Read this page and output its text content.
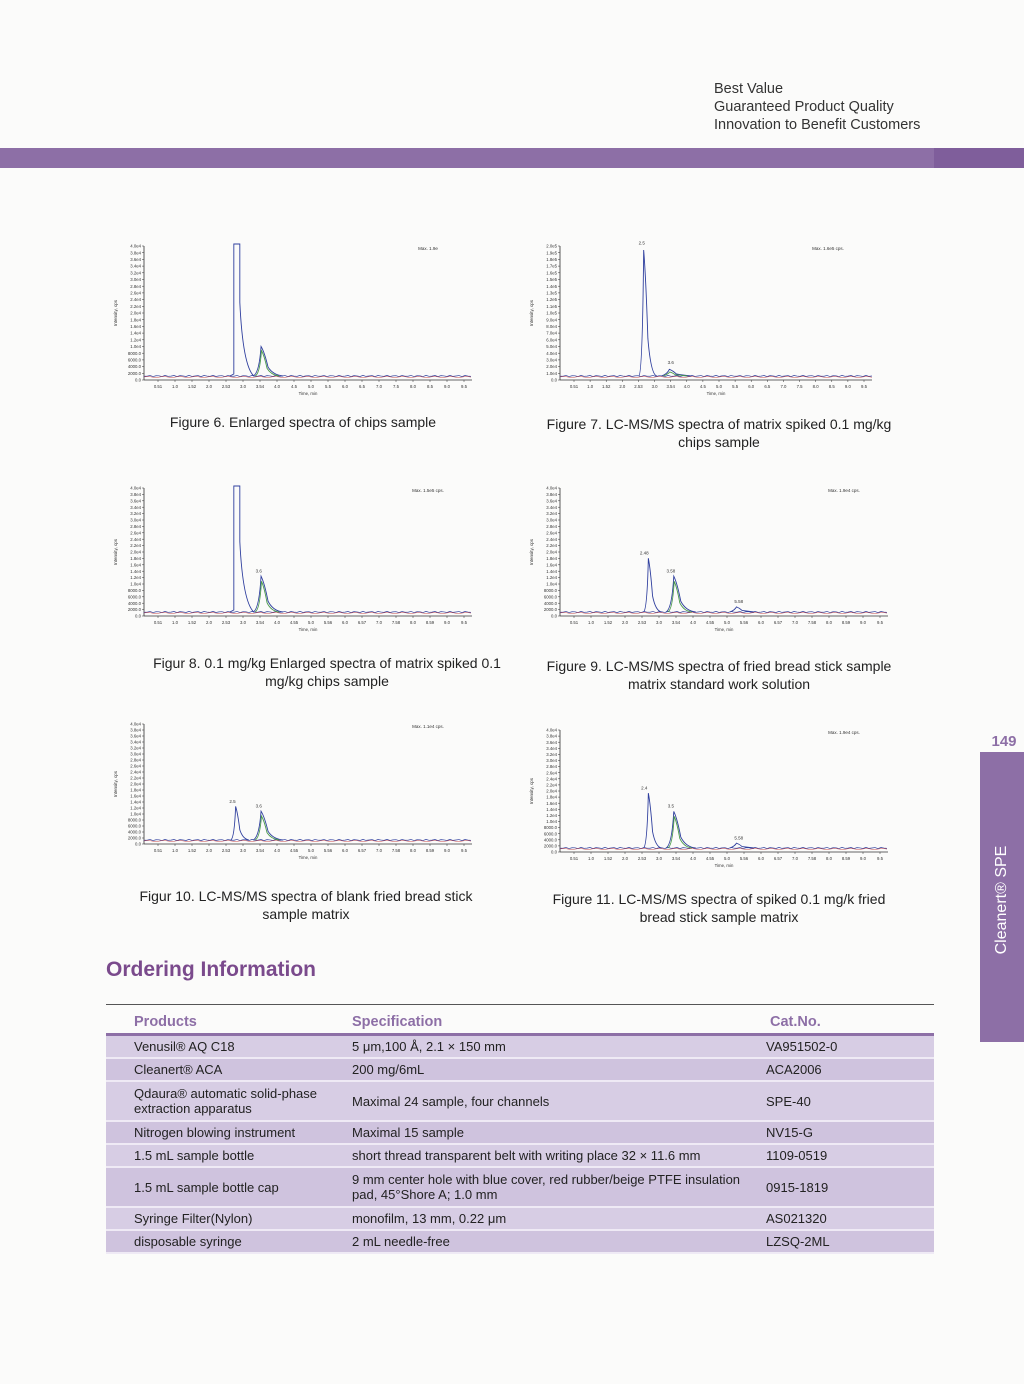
Best Value
Guaranteed Product Quality
Innovation to Benefit Customers
Max. 1.9e
4.0e4
3.8e4
3.6e4
3.4e4
3.2e4
3.0e4
2.8e4
2.6e4
2.4e4
2.2e4
2.0e4
1.8e4
1.6e4
1.4e4
1.2e4
1.0e4
8000.0
6000.0
4000.0
2000.0
0.0
Intensity, cps
0.51 1.0 1.52 2.0 2.53 3.0 3.54 4.0	4.5	5.0	5.5	6.0	6.5	7.0	7.5	8.0	8.5	9.0	9.5
Time, min
Figure 6. Enlarged spectra of chips sample
Max. 1.6e5 cps.
2.0e5
1.9e5
1.8e5
1.7e5
1.6e5
1.5e5
1.4e5
1.3e5
1.2e5
1.1e5
1.0e5
9.0e4
8.0e4
7.0e4
6.0e4
5.0e4
4.0e4
3.0e4
2.0e4
1.0e4
0.0
Intensity, cps
0.51 1.0 1.52 2.0 2.53 3.0 3.54 4.0 4.5 5.0 5.5 6.0 6.5 7.0 7.5 8.0 8.5 9.0 9.5
Time, min
2.5
3.6
Figure 7. LC-MS/MS spectra of matrix spiked 0.1 mg/kg chips sample
Max. 1.5e5 cps.
4.0e4
3.8e4
3.6e4
3.4e4
3.2e4
3.0e4
2.8e4
2.6e4
2.4e4
2.2e4
2.0e4
1.8e4
1.6e4
1.4e4
1.2e4
1.0e4
8000.0
6000.0
4000.0
2000.0
0.0
Intensity, cps
0.51 1.0 1.52 2.0 2.53 3.0 3.54 4.0 4.55 5.0 5.56 6.0 6.57 7.0 7.58 8.0 8.59 9.0	9.5
Time, min
3.6
Figur 8. 0.1 mg/kg Enlarged spectra of matrix spiked 0.1 mg/kg chips sample
Max. 1.9e4 cps.
4.0e4
3.8e4
3.6e4
3.4e4
3.2e4
3.0e4
2.8e4
2.6e4
2.4e4
2.2e4
2.0e4
1.8e4
1.6e4
1.4e4
1.2e4
1.0e4
8000.0
6000.0
4000.0
2000.0
0.0
Intensity, cps
0.51 1.0 1.52 2.0 2.53 3.0 3.54 4.0 4.55 5.0 5.56 6.0 6.57 7.0 7.58 8.0 8.59 9.0	9.5
Time, min
2.48
3.58
5.58
Figure 9. LC-MS/MS spectra of fried bread stick sample matrix standard work solution
Max. 1.1e4 cps.
4.0e4
3.8e4
3.6e4
3.4e4
3.2e4
3.0e4
2.8e4
2.6e4
2.4e4
2.2e4
2.0e4
1.8e4
1.6e4
1.4e4
1.2e4
1.0e4
8000.0
6000.0
4000.0
2000.0
0.0
Intensity, cps
0.51 1.0 1.52 2.0 2.53 3.0 3.54 4.0 4.55 5.0 5.56 6.0 6.57 7.0 7.58 8.0 8.59 9.0	9.5
Time, min
2.5
3.6
Figur 10. LC-MS/MS spectra of blank fried bread stick sample matrix
Max. 1.9e4 cps.
4.0e4
3.8e4
3.6e4
3.4e4
3.2e4
3.0e4
2.8e4
2.6e4
2.4e4
2.2e4
2.0e4
1.8e4
1.6e4
1.4e4
1.2e4
1.0e4
8000.0
6000.0
4000.0
2000.0
0.0
Intensity, cps
0.51 1.0 1.52 2.0 2.53 3.0 3.54 4.0 4.55 5.0 5.56 6.0 6.57 7.0 7.58 8.0 8.59 9.0	9.5
Time, min
2.4
3.5
5.58
Figure 11. LC-MS/MS spectra of spiked 0.1 mg/k fried bread stick sample matrix
149
Cleanert® SPE
Ordering Information
Products	Specification	Cat.No.
Venusil® AQ C18	5 μm,100 Å, 2.1 × 150 mm	VA951502-0
Cleanert® ACA	200 mg/6mL	ACA2006
Qdaura® automatic solid-phase extraction apparatus	Maximal 24 sample, four channels	SPE-40
Nitrogen blowing instrument	Maximal 15 sample	NV15-G
1.5 mL sample bottle	short thread transparent belt with writing place 32 × 11.6 mm	1109-0519
1.5 mL sample bottle cap	9 mm center hole with blue cover, red rubber/beige PTFE insulation pad, 45°Shore A; 1.0 mm	0915-1819
Syringe Filter(Nylon)	monofilm, 13 mm, 0.22 μm	AS021320
disposable syringe	2 mL needle-free	LZSQ-2ML
